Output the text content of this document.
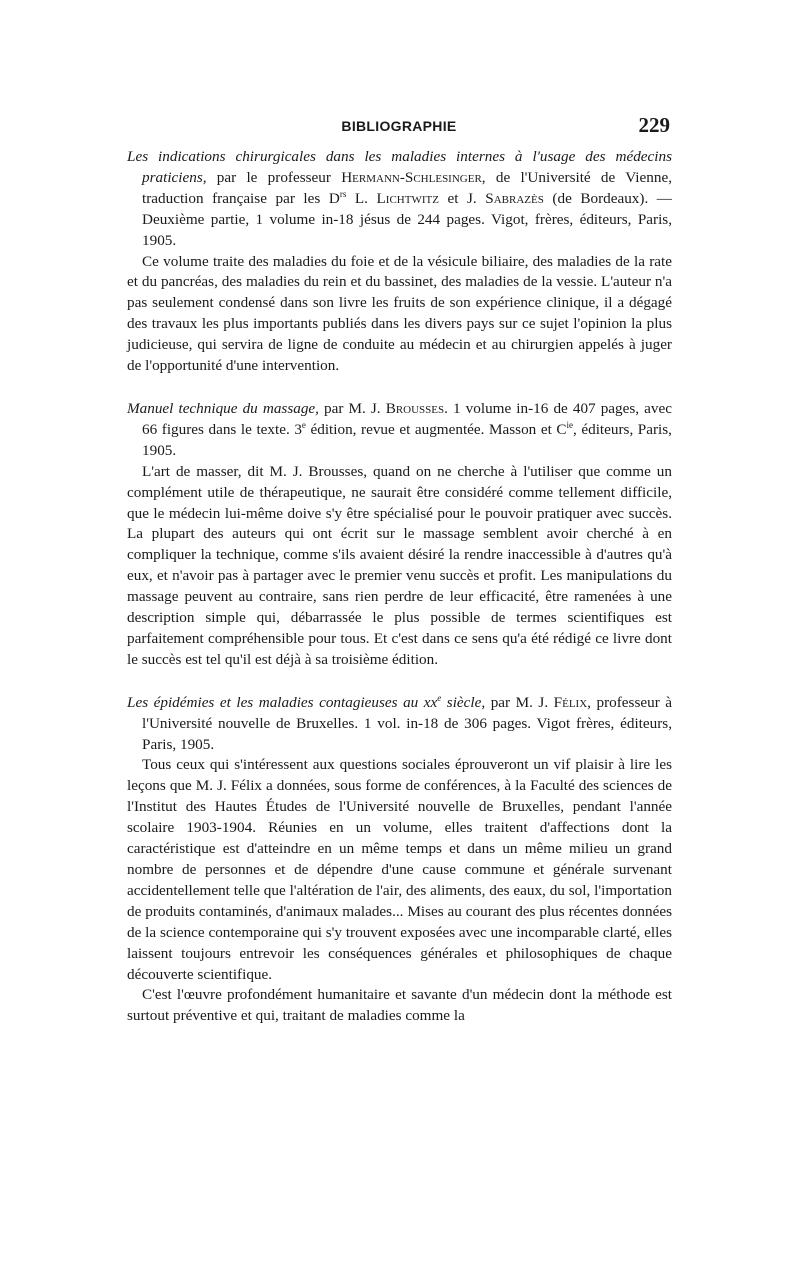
BIBLIOGRAPHIE	229

Les indications chirurgicales dans les maladies internes à l'usage des médecins praticiens, par le professeur Hermann-Schlesinger, de l'Université de Vienne, traduction française par les $D^{rs}$ L. Lichtwitz et J. Sabrazès (de Bordeaux). — Deuxième partie, 1 volume in-18 jésus de 244 pages. Vigot, frères, éditeurs, Paris, 1905.

Ce volume traite des maladies du foie et de la vésicule biliaire, des maladies de la rate et du pancréas, des maladies du rein et du bassinet, des maladies de la vessie. L'auteur n'a pas seulement condensé dans son livre les fruits de son expérience clinique, il a dégagé des travaux les plus importants publiés dans les divers pays sur ce sujet l'opinion la plus judicieuse, qui servira de ligne de conduite au médecin et au chirurgien appelés à juger de l'opportunité d'une intervention.

Manuel technique du massage, par M. J. Brousses. 1 volume in-16 de 407 pages, avec 66 figures dans le texte. 3e édition, revue et augmentée. Masson et $C^{ie}$, éditeurs, Paris, 1905.

L'art de masser, dit M. J. Brousses, quand on ne cherche à l'utiliser que comme un complément utile de thérapeutique, ne saurait être considéré comme tellement difficile, que le médecin lui-même doive s'y être spécialisé pour le pouvoir pratiquer avec succès. La plupart des auteurs qui ont écrit sur le massage semblent avoir cherché à en compliquer la technique, comme s'ils avaient désiré la rendre inaccessible à d'autres qu'à eux, et n'avoir pas à partager avec le premier venu succès et profit. Les manipulations du massage peuvent au contraire, sans rien perdre de leur efficacité, être ramenées à une description simple qui, débarrassée le plus possible de termes scientifiques est parfaitement compréhensible pour tous. Et c'est dans ce sens qu'a été rédigé ce livre dont le succès est tel qu'il est déjà à sa troisième édition.

Les épidémies et les maladies contagieuses au $xx^e$ siècle, par M. J. Félix, professeur à l'Université nouvelle de Bruxelles. 1 vol. in-18 de 306 pages. Vigot frères, éditeurs, Paris, 1905.

Tous ceux qui s'intéressent aux questions sociales éprouveront un vif plaisir à lire les leçons que M. J. Félix a données, sous forme de conférences, à la Faculté des sciences de l'Institut des Hautes Études de l'Université nouvelle de Bruxelles, pendant l'année scolaire 1903-1904. Réunies en un volume, elles traitent d'affections dont la caractéristique est d'atteindre en un même temps et dans un même milieu un grand nombre de personnes et de dépendre d'une cause commune et générale survenant accidentellement telle que l'altération de l'air, des aliments, des eaux, du sol, l'importation de produits contaminés, d'animaux malades... Mises au courant des plus récentes données de la science contemporaine qui s'y trouvent exposées avec une incomparable clarté, elles laissent toujours entrevoir les conséquences générales et philosophiques de chaque découverte scientifique.

C'est l'œuvre profondément humanitaire et savante d'un médecin dont la méthode est surtout préventive et qui, traitant de maladies comme la
